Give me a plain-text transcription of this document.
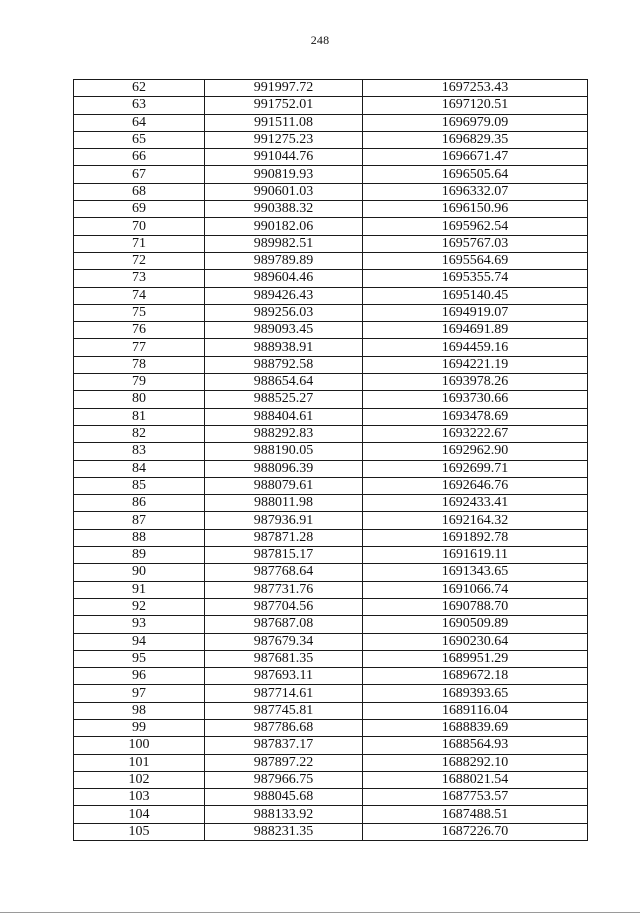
248
62	991997.72	1697253.43
63	991752.01	1697120.51
64	991511.08	1696979.09
65	991275.23	1696829.35
66	991044.76	1696671.47
67	990819.93	1696505.64
68	990601.03	1696332.07
69	990388.32	1696150.96
70	990182.06	1695962.54
71	989982.51	1695767.03
72	989789.89	1695564.69
73	989604.46	1695355.74
74	989426.43	1695140.45
75	989256.03	1694919.07
76	989093.45	1694691.89
77	988938.91	1694459.16
78	988792.58	1694221.19
79	988654.64	1693978.26
80	988525.27	1693730.66
81	988404.61	1693478.69
82	988292.83	1693222.67
83	988190.05	1692962.90
84	988096.39	1692699.71
85	988079.61	1692646.76
86	988011.98	1692433.41
87	987936.91	1692164.32
88	987871.28	1691892.78
89	987815.17	1691619.11
90	987768.64	1691343.65
91	987731.76	1691066.74
92	987704.56	1690788.70
93	987687.08	1690509.89
94	987679.34	1690230.64
95	987681.35	1689951.29
96	987693.11	1689672.18
97	987714.61	1689393.65
98	987745.81	1689116.04
99	987786.68	1688839.69
100	987837.17	1688564.93
101	987897.22	1688292.10
102	987966.75	1688021.54
103	988045.68	1687753.57
104	988133.92	1687488.51
105	988231.35	1687226.70
